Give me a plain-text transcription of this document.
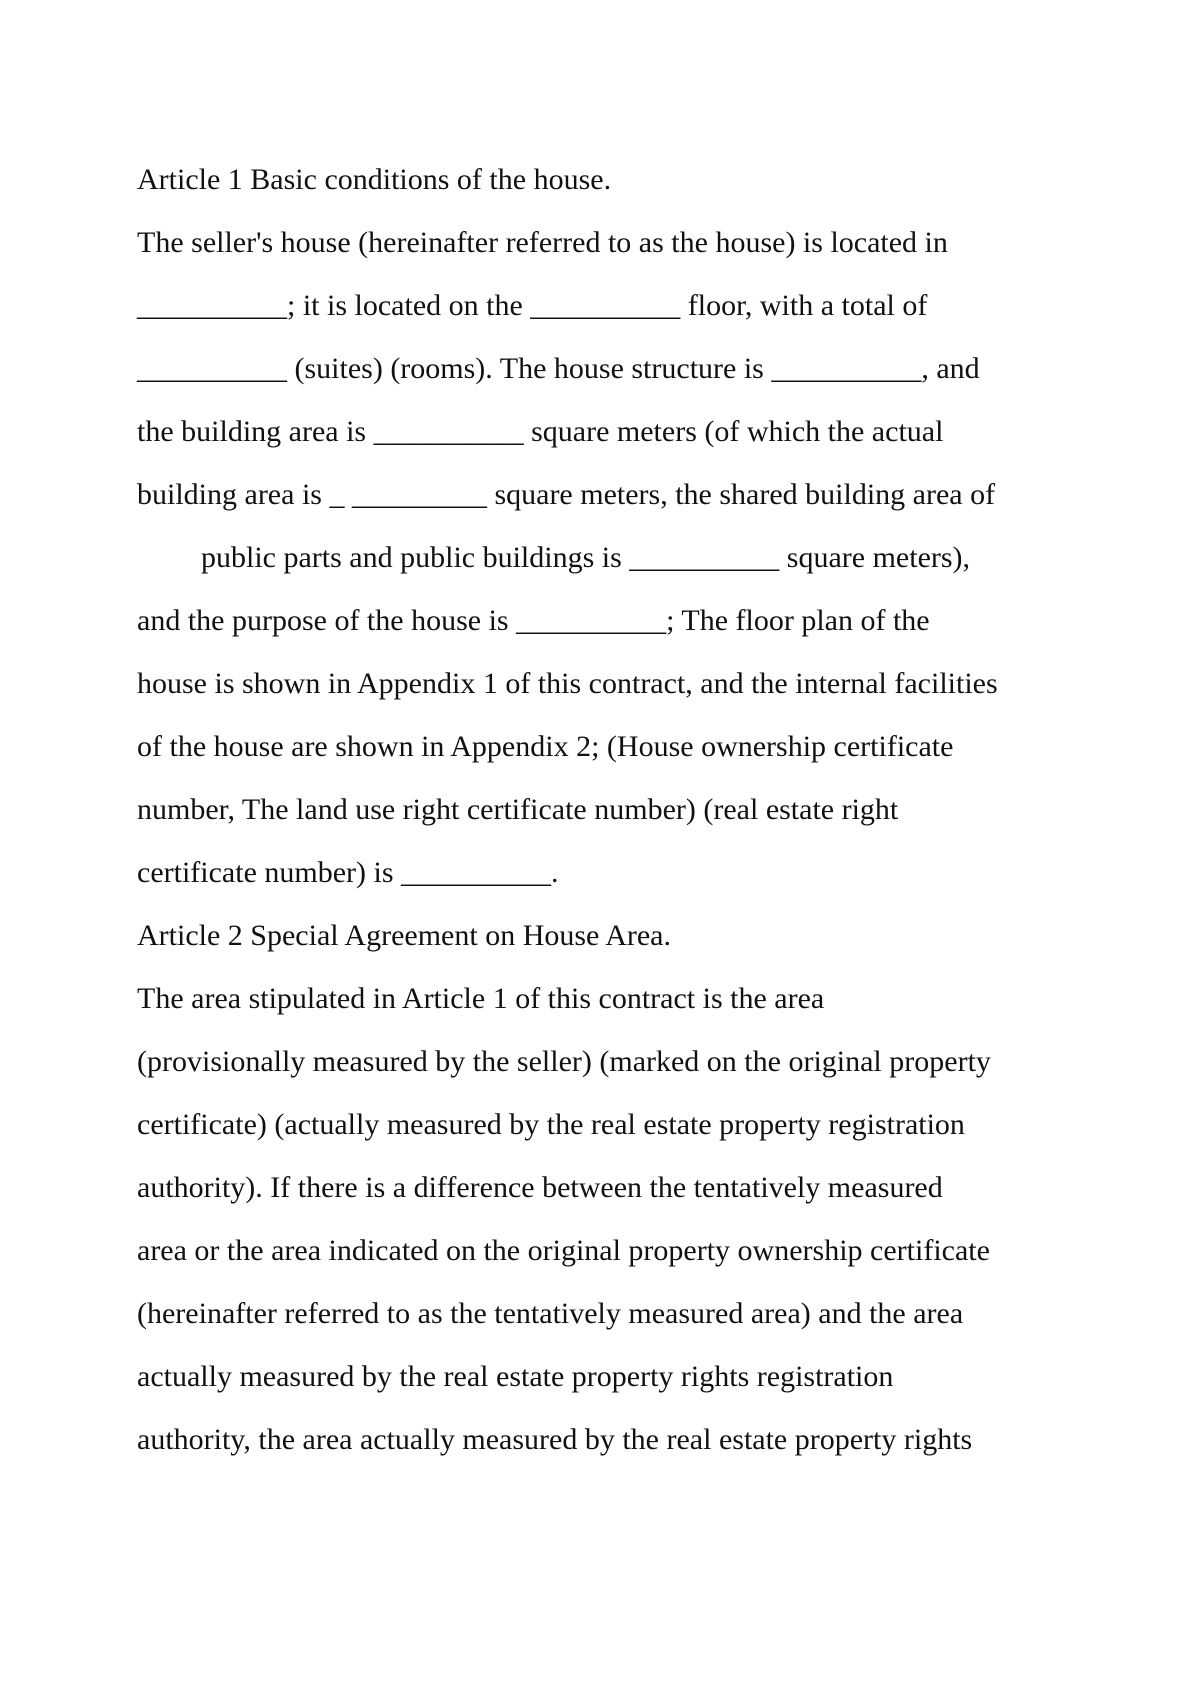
Article 1 Basic conditions of the house.
The seller's house (hereinafter referred to as the house) is located in
__________; it is located on the __________ floor, with a total of
__________ (suites) (rooms). The house structure is __________, and
the building area is __________ square meters (of which the actual
building area is _ _________ square meters, the shared building area of
public parts and public buildings is __________ square meters),
and the purpose of the house is __________; The floor plan of the
house is shown in Appendix 1 of this contract, and the internal facilities
of the house are shown in Appendix 2; (House ownership certificate
number, The land use right certificate number) (real estate right
certificate number) is __________.
Article 2 Special Agreement on House Area.
The area stipulated in Article 1 of this contract is the area
(provisionally measured by the seller) (marked on the original property
certificate) (actually measured by the real estate property registration
authority). If there is a difference between the tentatively measured
area or the area indicated on the original property ownership certificate
(hereinafter referred to as the tentatively measured area) and the area
actually measured by the real estate property rights registration
authority, the area actually measured by the real estate property rights
